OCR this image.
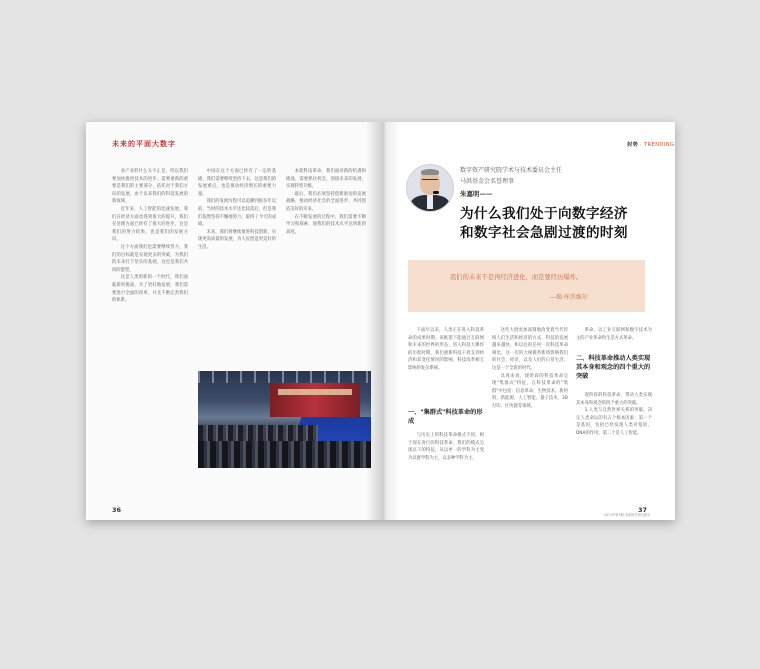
未来的平面大数字

业产业的什么关不止是，所以我们要加快推进技术的进步，需要重新的重要是我们的主要部分，依托对于我们方向的发展，由于以来我们的科技发展的新领域。

近年来，人工智能的迅速发展，我们在经济方面也得到很大的提升，我们在处理方面已经有了很大的进步，这是我们的努力结果，也是我们的发展方向。

这个方面我们也需要继续努力，我们的目标就是实现更多的突破，为我们的未来打下坚实的基础，这也是我们共同的愿望。

这是人类的新的一个时代，我们面临新的挑战，为了更好地发展，我们需要进行全面的改革，并且不断完善我们的体系。

中国在这个方面已经有了一定的基础，我们需要继续坚持下去，这是我们的发展重点，也是推动经济增长的重要力量。

我们的发展历程可以追溯到很多年以前，当时的技术水平还比较落后，但是我们依然坚持不懈地努力，取得了今天的成绩。

未来，我们将继续推进科技创新，实现更高质量的发展，为人民创造更美好的生活。

本轮科技革命，我们面对新的机遇和挑战，需要抓住机会，迎接未来的发展，实现转型升级。

最后，我们必须坚持创新驱动的发展战略，推动经济社会的全面进步，共同创造美好的未来。

在不断发展的过程中，我们需要不断学习和探索，使我们的技术水平达到新的高度。

36
封势 · TRENDING ·
数字资产研究院学术与技术委员会主任
马洪基金会名誉理事
朱嘉明——
为什么我们处于向数字经济
和数字社会急剧过渡的时刻
我们的未来不是再经济进化，而是要经历爆炸。
—瑞·库茨维尔

下面年以来，人类正在进入科技革命的成果时期，该框架下能通过互联网和未来的世界的形态，进入科技大爆炸的历程时期，我们重新科技干扰支到经济和其变化情况的影响，科技改革相互影响的复杂系统。

一、"集群式"科技革命的形成

与历史上的科技革命模式不同，相于现在进行的科技革命，我们的模式呈现以下的特征，从以单一的学科为主变为以群学科为主，以多种学科为主。

这些大批更加深刻地改变着当代传统人们生活和经济的方式。科技的发展越来越快，和以往的任何一次科技革命相比，这一次的大规模革新将影响我们的社会，经济，以及人们的日常生活，这是一个全新的时代。

具体来说，现阶段的科技革命呈现"集群式"特征，在科技革命的"集群"中包括：信息革命，生物技术，新材料，新能源，人工智能，量子技术，3D打印，区块链等领域。

革命，以工业互联网和数字技术为主的产业革命和生活方式革命。

二、科技革命推动人类实现其本身和观念的四个重大的突破

现阶段的科技革命，带动人类实现其本身和观念的四个重大的突破。

1.人类与自然世界关系的突破。决定人类命运的有五个根本因素：第一个是基因，包括已经发现人类对基因，DNA的作用；第二个是人工智能。

37
2017年第3期 未来的平面大数字
